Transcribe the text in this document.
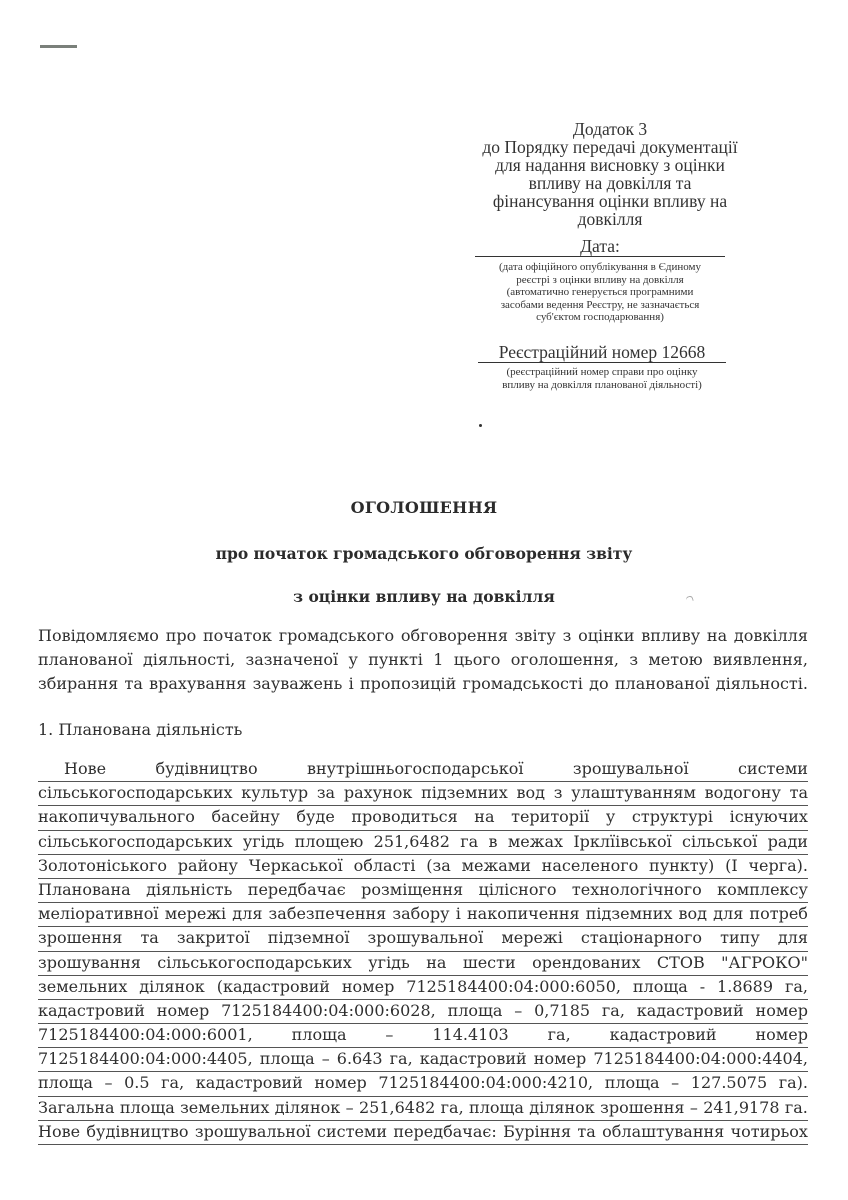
Додаток 3
до Порядку передачі документації
для надання висновку з оцінки
впливу на довкілля та
фінансування оцінки впливу на
довкілля
Дата:
(дата офіційного опублікування в Єдиному
реєстрі з оцінки впливу на довкілля
(автоматично генерується програмними
засобами ведення Реєстру, не зазначається
суб'єктом господарювання)
Реєстраційний номер 12668
(реєстраційний номер справи про оцінку
впливу на довкілля планованої діяльності)
ОГОЛОШЕННЯ
про початок громадського обговорення звіту
з оцінки впливу на довкілля
Повідомляємо про початок громадського обговорення звіту з оцінки впливу на довкілля
планованої діяльності, зазначеної у пункті 1 цього оголошення, з метою виявлення,
збирання та врахування зауважень і пропозицій громадськості до планованої діяльності.
1. Планована діяльність
Нове	будівництво	внутрішньогосподарської	зрошувальної	системи
сільськогосподарських культур за рахунок підземних вод з улаштуванням водогону та
накопичувального басейну буде проводиться на території у структурі існуючих
сільськогосподарських угідь площею 251,6482 га в межах Ірклїівської сільської ради
Золотоніського району Черкаської області (за межами населеного пункту) (I черга).
Планована діяльність передбачає розміщення цілісного технологічного комплексу
меліоративної мережі для забезпечення забору і накопичення підземних вод для потреб
зрошення та закритої підземної зрошувальної мережі стаціонарного типу для
зрошування сільськогосподарських угідь на шести орендованих СТОВ "АГРОКО"
земельних ділянок (кадастровий номер 7125184400:04:000:6050, площа - 1.8689 га,
кадастровий номер 7125184400:04:000:6028, площа – 0,7185 га, кадастровий номер
7125184400:04:000:6001, площа – 114.4103 га, кадастровий номер
7125184400:04:000:4405, площа – 6.643 га, кадастровий номер 7125184400:04:000:4404,
площа – 0.5 га, кадастровий номер 7125184400:04:000:4210, площа – 127.5075 га).
Загальна площа земельних ділянок – 251,6482 га, площа ділянок зрошення – 241,9178 га.
Нове будівництво зрошувальної системи передбачає: Буріння та облаштування чотирьох
